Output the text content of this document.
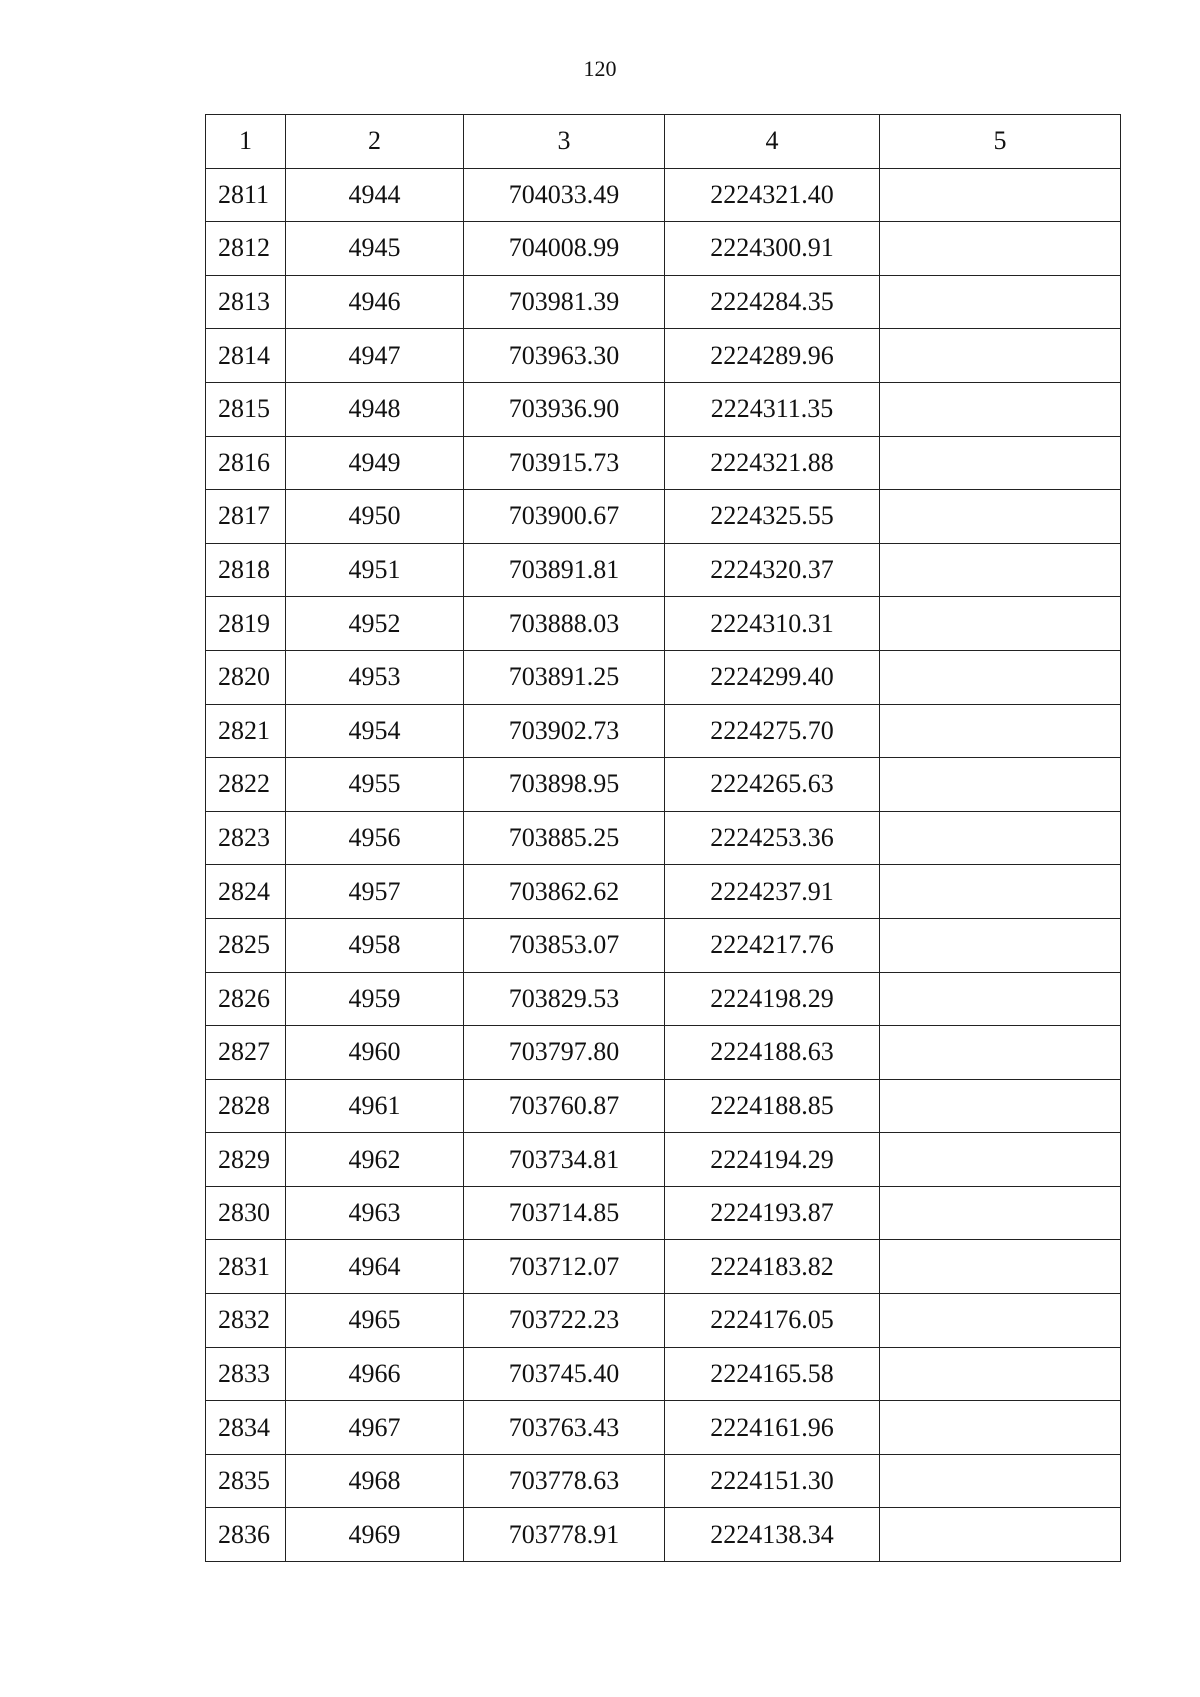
120
1	2	3	4	5
2811	4944	704033.49	2224321.40	
2812	4945	704008.99	2224300.91	
2813	4946	703981.39	2224284.35	
2814	4947	703963.30	2224289.96	
2815	4948	703936.90	2224311.35	
2816	4949	703915.73	2224321.88	
2817	4950	703900.67	2224325.55	
2818	4951	703891.81	2224320.37	
2819	4952	703888.03	2224310.31	
2820	4953	703891.25	2224299.40	
2821	4954	703902.73	2224275.70	
2822	4955	703898.95	2224265.63	
2823	4956	703885.25	2224253.36	
2824	4957	703862.62	2224237.91	
2825	4958	703853.07	2224217.76	
2826	4959	703829.53	2224198.29	
2827	4960	703797.80	2224188.63	
2828	4961	703760.87	2224188.85	
2829	4962	703734.81	2224194.29	
2830	4963	703714.85	2224193.87	
2831	4964	703712.07	2224183.82	
2832	4965	703722.23	2224176.05	
2833	4966	703745.40	2224165.58	
2834	4967	703763.43	2224161.96	
2835	4968	703778.63	2224151.30	
2836	4969	703778.91	2224138.34	
